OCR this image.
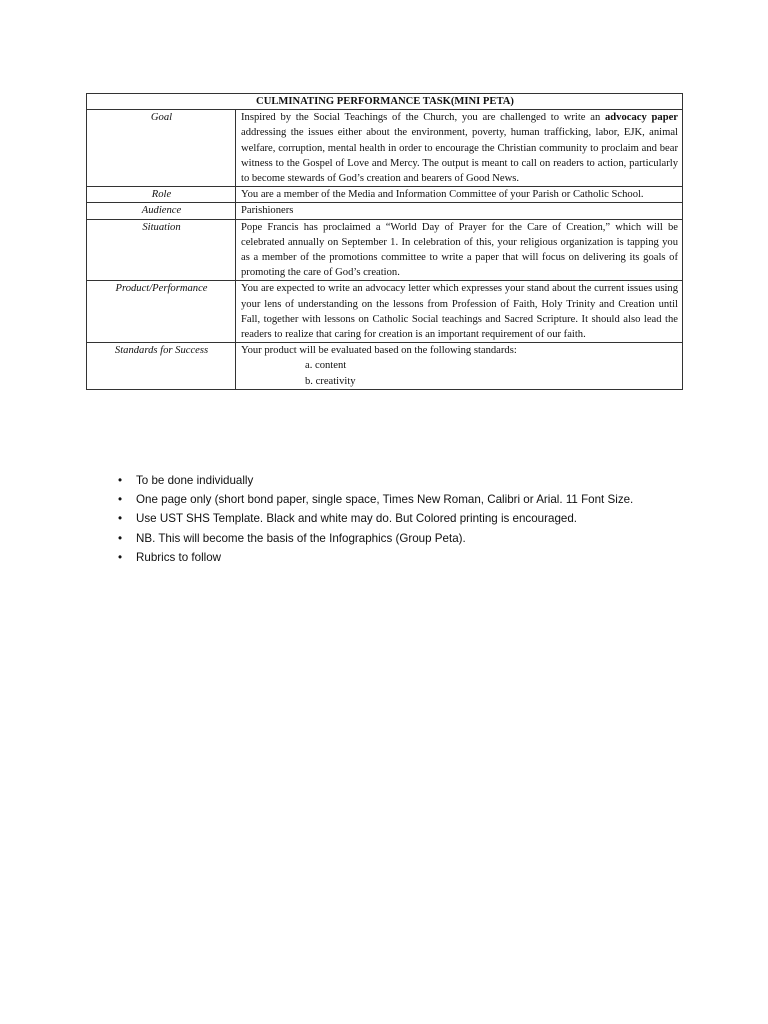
CULMINATING PERFORMANCE TASK(MINI PETA)	
Goal	Inspired by the Social Teachings of the Church, you are challenged to write an advocacy paper addressing the issues either about the environment, poverty, human trafficking, labor, EJK, animal welfare, corruption, mental health in order to encourage the Christian community to proclaim and bear witness to the Gospel of Love and Mercy. The output is meant to call on readers to action, particularly to become stewards of God’s creation and bearers of Good News.
Role	You are a member of the Media and Information Committee of your Parish or Catholic School.
Audience	Parishioners
Situation	Pope Francis has proclaimed a “World Day of Prayer for the Care of Creation,” which will be celebrated annually on September 1. In celebration of this, your religious organization is tapping you as a member of the promotions committee to write a paper that will focus on delivering its goals of promoting the care of God’s creation.
Product/Performance	You are expected to write an advocacy letter which expresses your stand about the current issues using your lens of understanding on the lessons from Profession of Faith, Holy Trinity and Creation until Fall, together with lessons on Catholic Social teachings and Sacred Scripture. It should also lead the readers to realize that caring for creation is an important requirement of our faith.
Standards for Success	Your product will be evaluated based on the following standards:
a. content
b. creativity
• To be done individually
• One page only (short bond paper, single space, Times New Roman, Calibri or Arial. 11 Font Size.
• Use UST SHS Template. Black and white may do. But Colored printing is encouraged.
• NB. This will become the basis of the Infographics (Group Peta).
• Rubrics to follow
